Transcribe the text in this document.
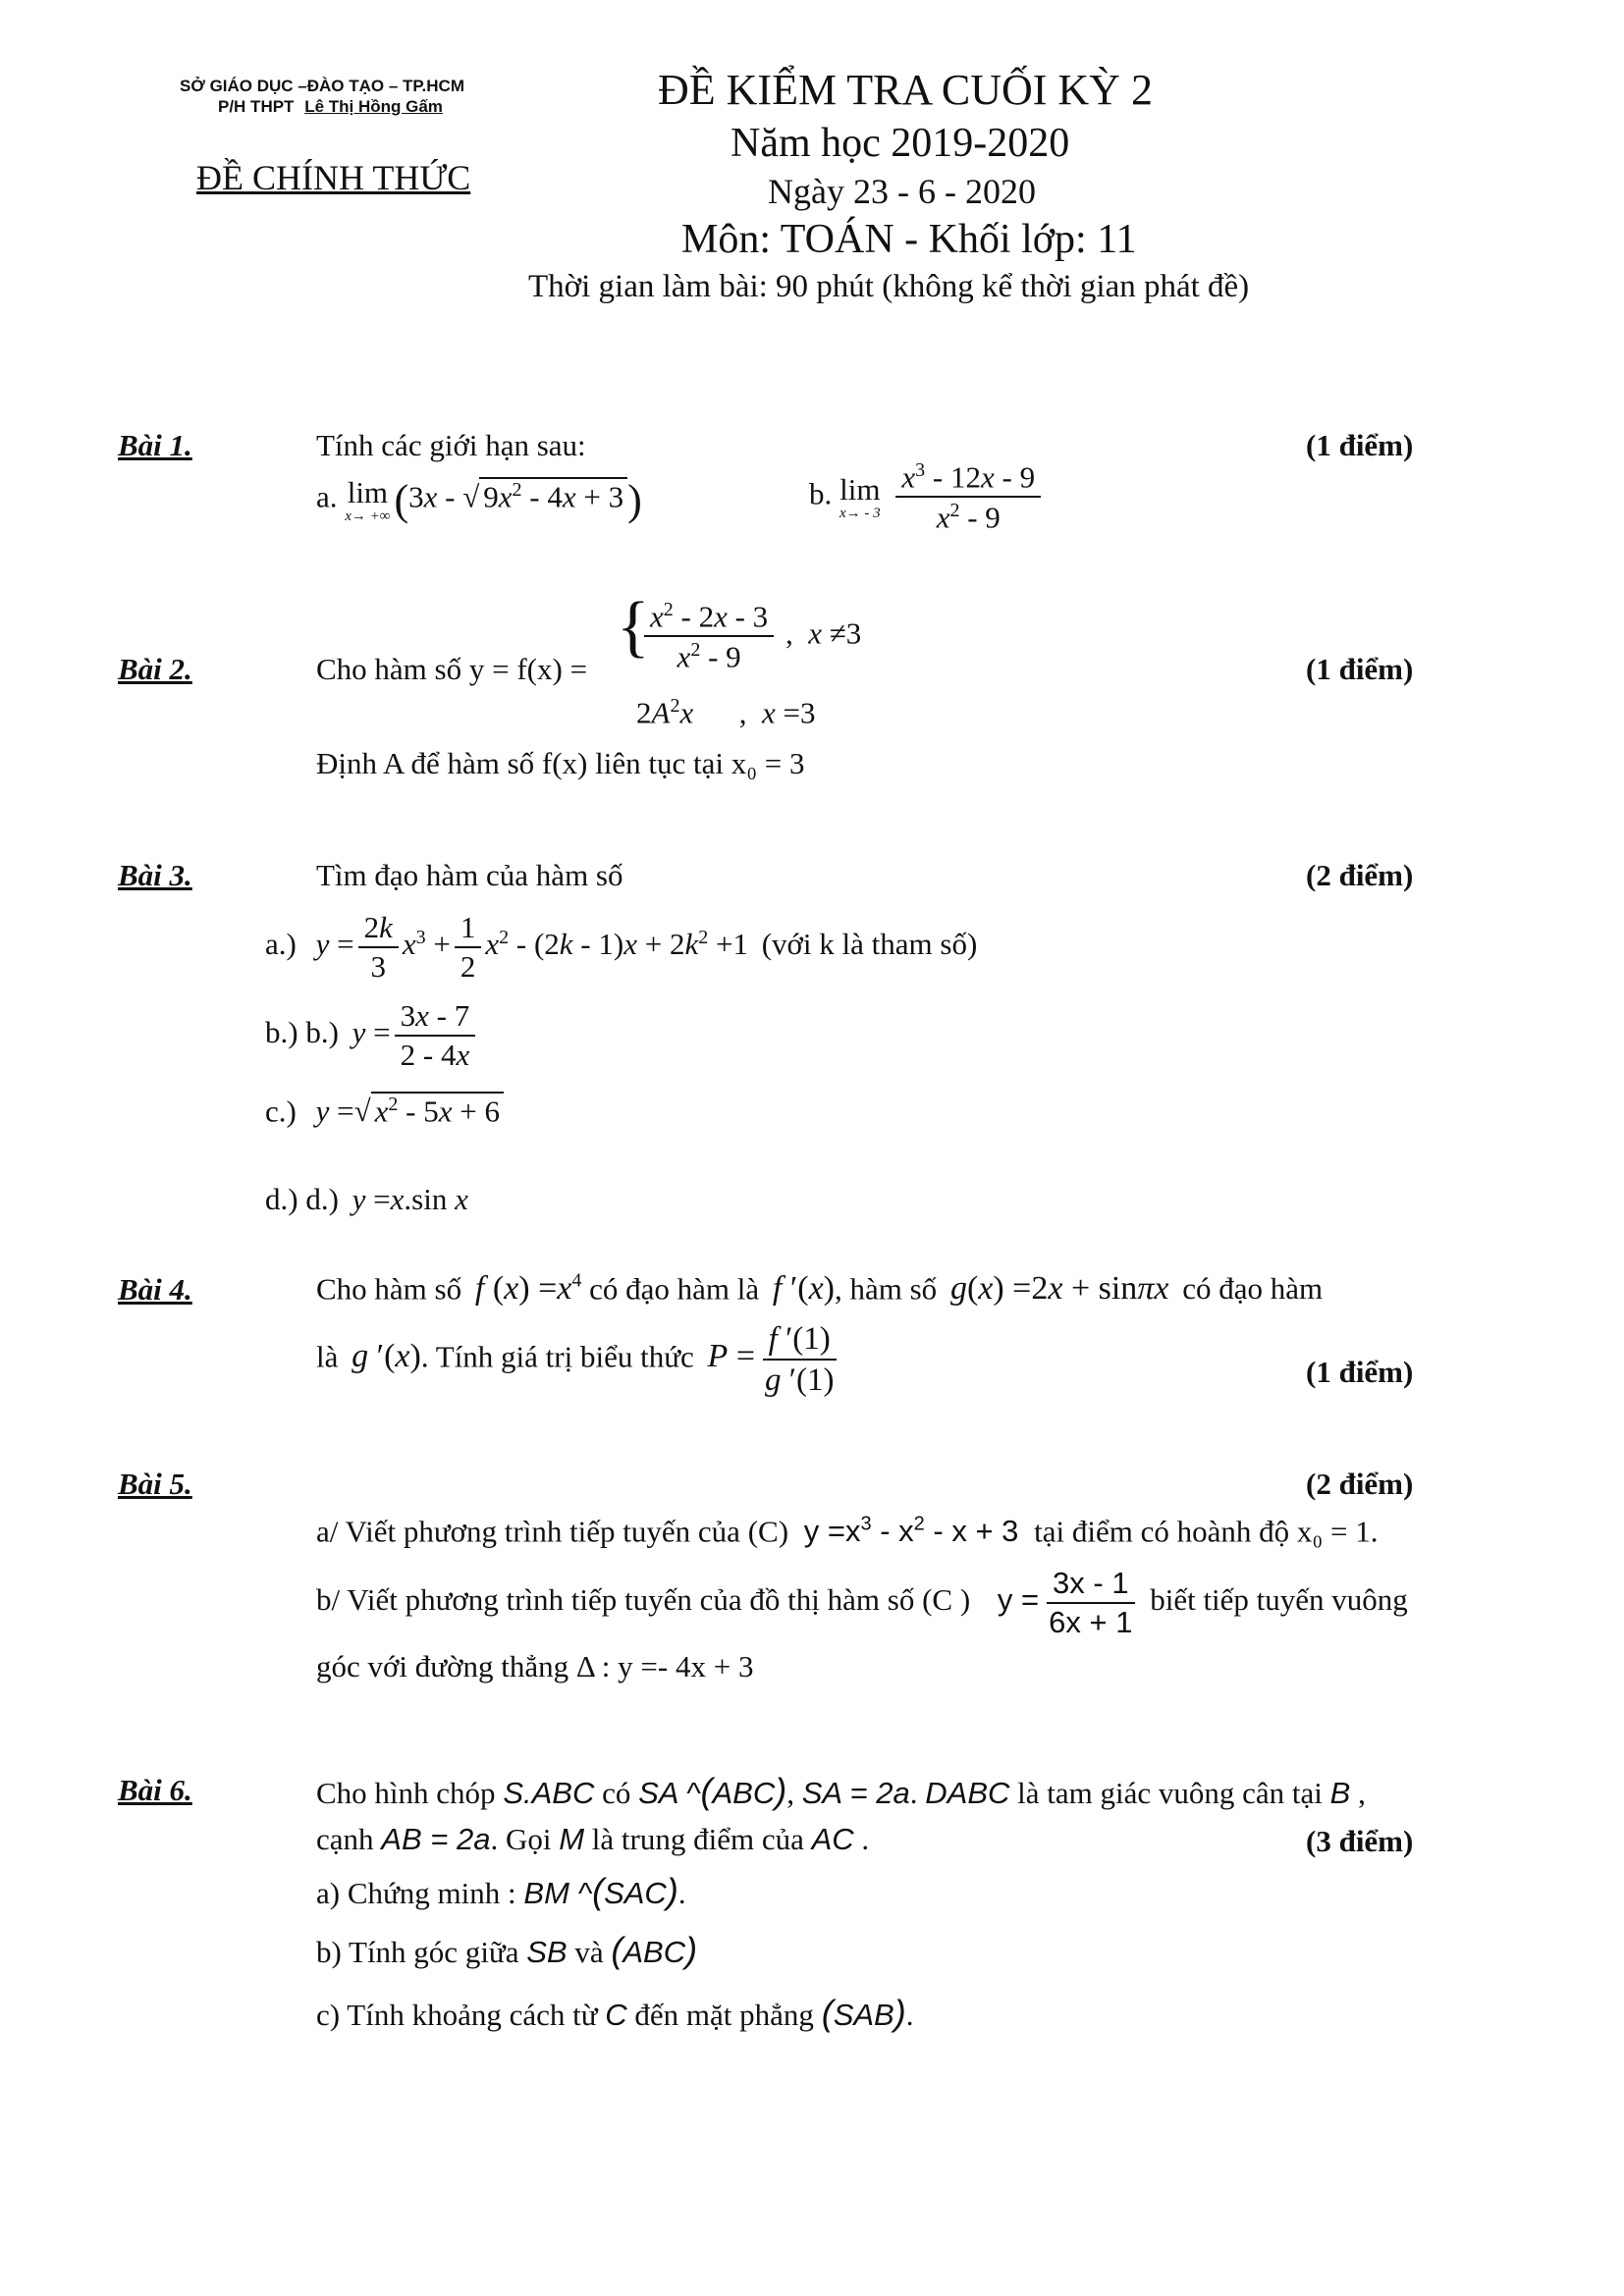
SỞ GIÁO DỤC –ĐÀO TẠO – TP.HCM
P/H THPT Lê Thị Hồng Gấm
ĐỀ CHÍNH THỨC
ĐỀ KIỂM TRA CUỐI KỲ 2
Năm học 2019-2020
Ngày 23 - 6 - 2020
Môn: TOÁN - Khối lớp: 11
Thời gian làm bài: 90 phút (không kể thời gian phát đề)
Bài 1.	Tính các giới hạn sau:	(1 điểm)
a. lim
x→ +∞ (3x - √ $9x^2 - 4x + 3$)	b. lim
x→ - 3
$\frac{x^3 - 12x - 9}{x^2 - 9}$
Bài 2.	Cho hàm số y = f(x) =
{
$\frac{x^2 - 2x - 3}{x^2 - 9}$ ,  x ≠3
$2A^2x$      ,  x =3
(1 điểm)
Định A để hàm số f(x) liên tục tại x₀ = 3
Bài 3.	Tìm đạo hàm của hàm số	(2 điểm)
a.) $y = \frac{2k}{3} x^3 + \frac{1}{2} x^2 - (2k - 1)x + 2k^2 +1$ (với k là tham số)
b.) b.) $y = \frac{3x - 7}{2 - 4x}$
c.) y =√ $x^2 - 5x + 6$
d.) d.) y =x.sin x
Bài 4.	Cho hàm số f $(x) =x^4$ có đạo hàm là f ′(x), hàm số g(x) =2x + sinπx có đạo hàm
là g ′(x). Tính giá trị biểu thức $P = \frac{f '(1)}{g '(1)}$	(1 điểm)
Bài 5.	(2 điểm)
a/ Viết phương trình tiếp tuyến của (C) $y =x^3 - x^2 - x + 3$ tại điểm có hoành độ x₀ = 1.
b/ Viết phương trình tiếp tuyến của đồ thị hàm số (C ) $y = \frac{3x - 1}{6x + 1}$ biết tiếp tuyến vuông
góc với đường thẳng Δ : y =- 4x + 3
Bài 6.	Cho hình chóp S.ABC có SA ^(ABC), SA = 2a. DABC là tam giác vuông cân tại B ,
cạnh AB = 2a. Gọi M là trung điểm của AC .	(3 điểm)
a) Chứng minh : BM ^(SAC).
b) Tính góc giữa SB và (ABC)
c) Tính khoảng cách từ C đến mặt phẳng (SAB).
